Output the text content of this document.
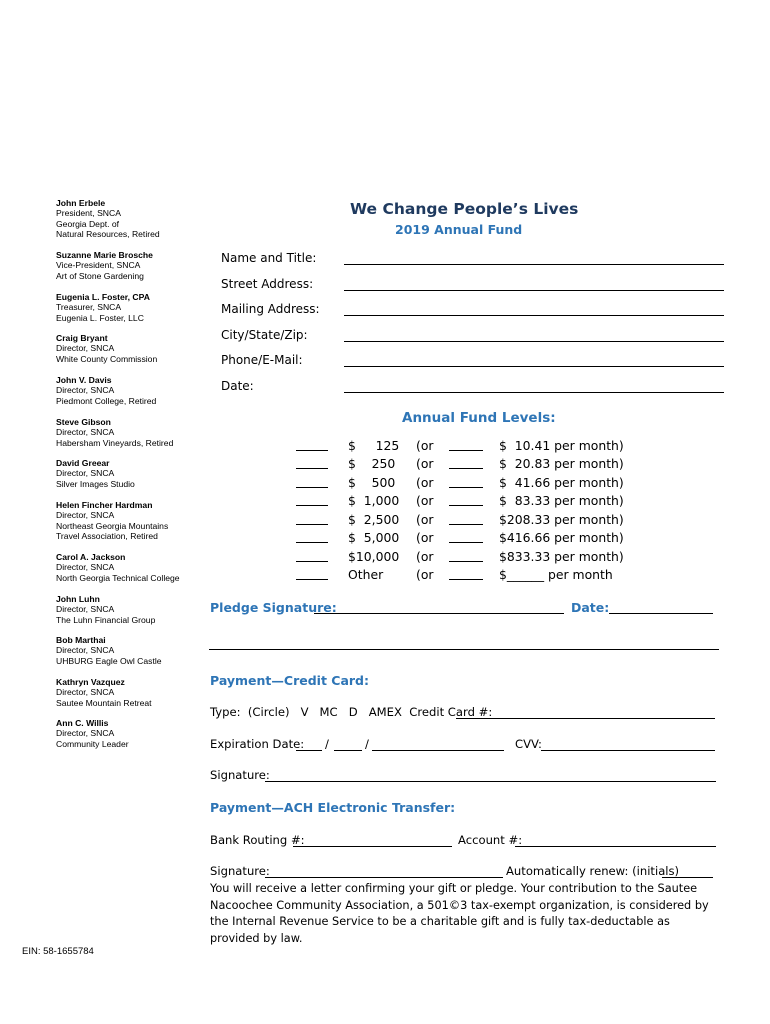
John Erbele
President, SNCA
Georgia Dept. of
Natural Resources, Retired
Suzanne Marie Brosche
Vice-President, SNCA
Art of Stone Gardening
Eugenia L. Foster, CPA
Treasurer, SNCA
Eugenia L. Foster, LLC
Craig Bryant
Director, SNCA
White County Commission
John V. Davis
Director, SNCA
Piedmont College, Retired
Steve Gibson
Director, SNCA
Habersham Vineyards, Retired
David Greear
Director, SNCA
Silver Images Studio
Helen Fincher Hardman
Director, SNCA
Northeast Georgia Mountains
Travel Association, Retired
Carol A. Jackson
Director, SNCA
North Georgia Technical College
John Luhn
Director, SNCA
The Luhn Financial Group
Bob Marthai
Director, SNCA
UHBURG Eagle Owl Castle
Kathryn Vazquez
Director, SNCA
Sautee Mountain Retreat
Ann C. Willis
Director, SNCA
Community Leader
EIN: 58-1655784
We Change People’s Lives
2019 Annual Fund
Name and Title:
Street Address:
Mailing Address:
City/State/Zip:
Phone/E-Mail:
Date:
Annual Fund Levels:
$     125 (or	$  10.41 per month)
$    250 (or	$  20.83 per month)
$    500 (or	$  41.66 per month)
$  1,000 (or	$  83.33 per month)
$  2,500 (or	$208.33 per month)
$  5,000 (or	$416.66 per month)
$10,000 (or	$833.33 per month)
Other	(or	$______ per month
Pledge Signature:	Date:
Payment—Credit Card:
Type:  (Circle)   V   MC   D   AMEX  Credit Card #:
Expiration Date: /	/	CVV:
Signature:
Payment—ACH Electronic Transfer:
Bank Routing #:	Account #:
Signature:	Automatically renew: (initials)
You will receive a letter confirming your gift or pledge. Your contribution to the Sautee Nacoochee Community Association, a 501©3 tax-exempt organization, is considered by the Internal Revenue Service to be a charitable gift and is fully tax-deductable as provided by law.
